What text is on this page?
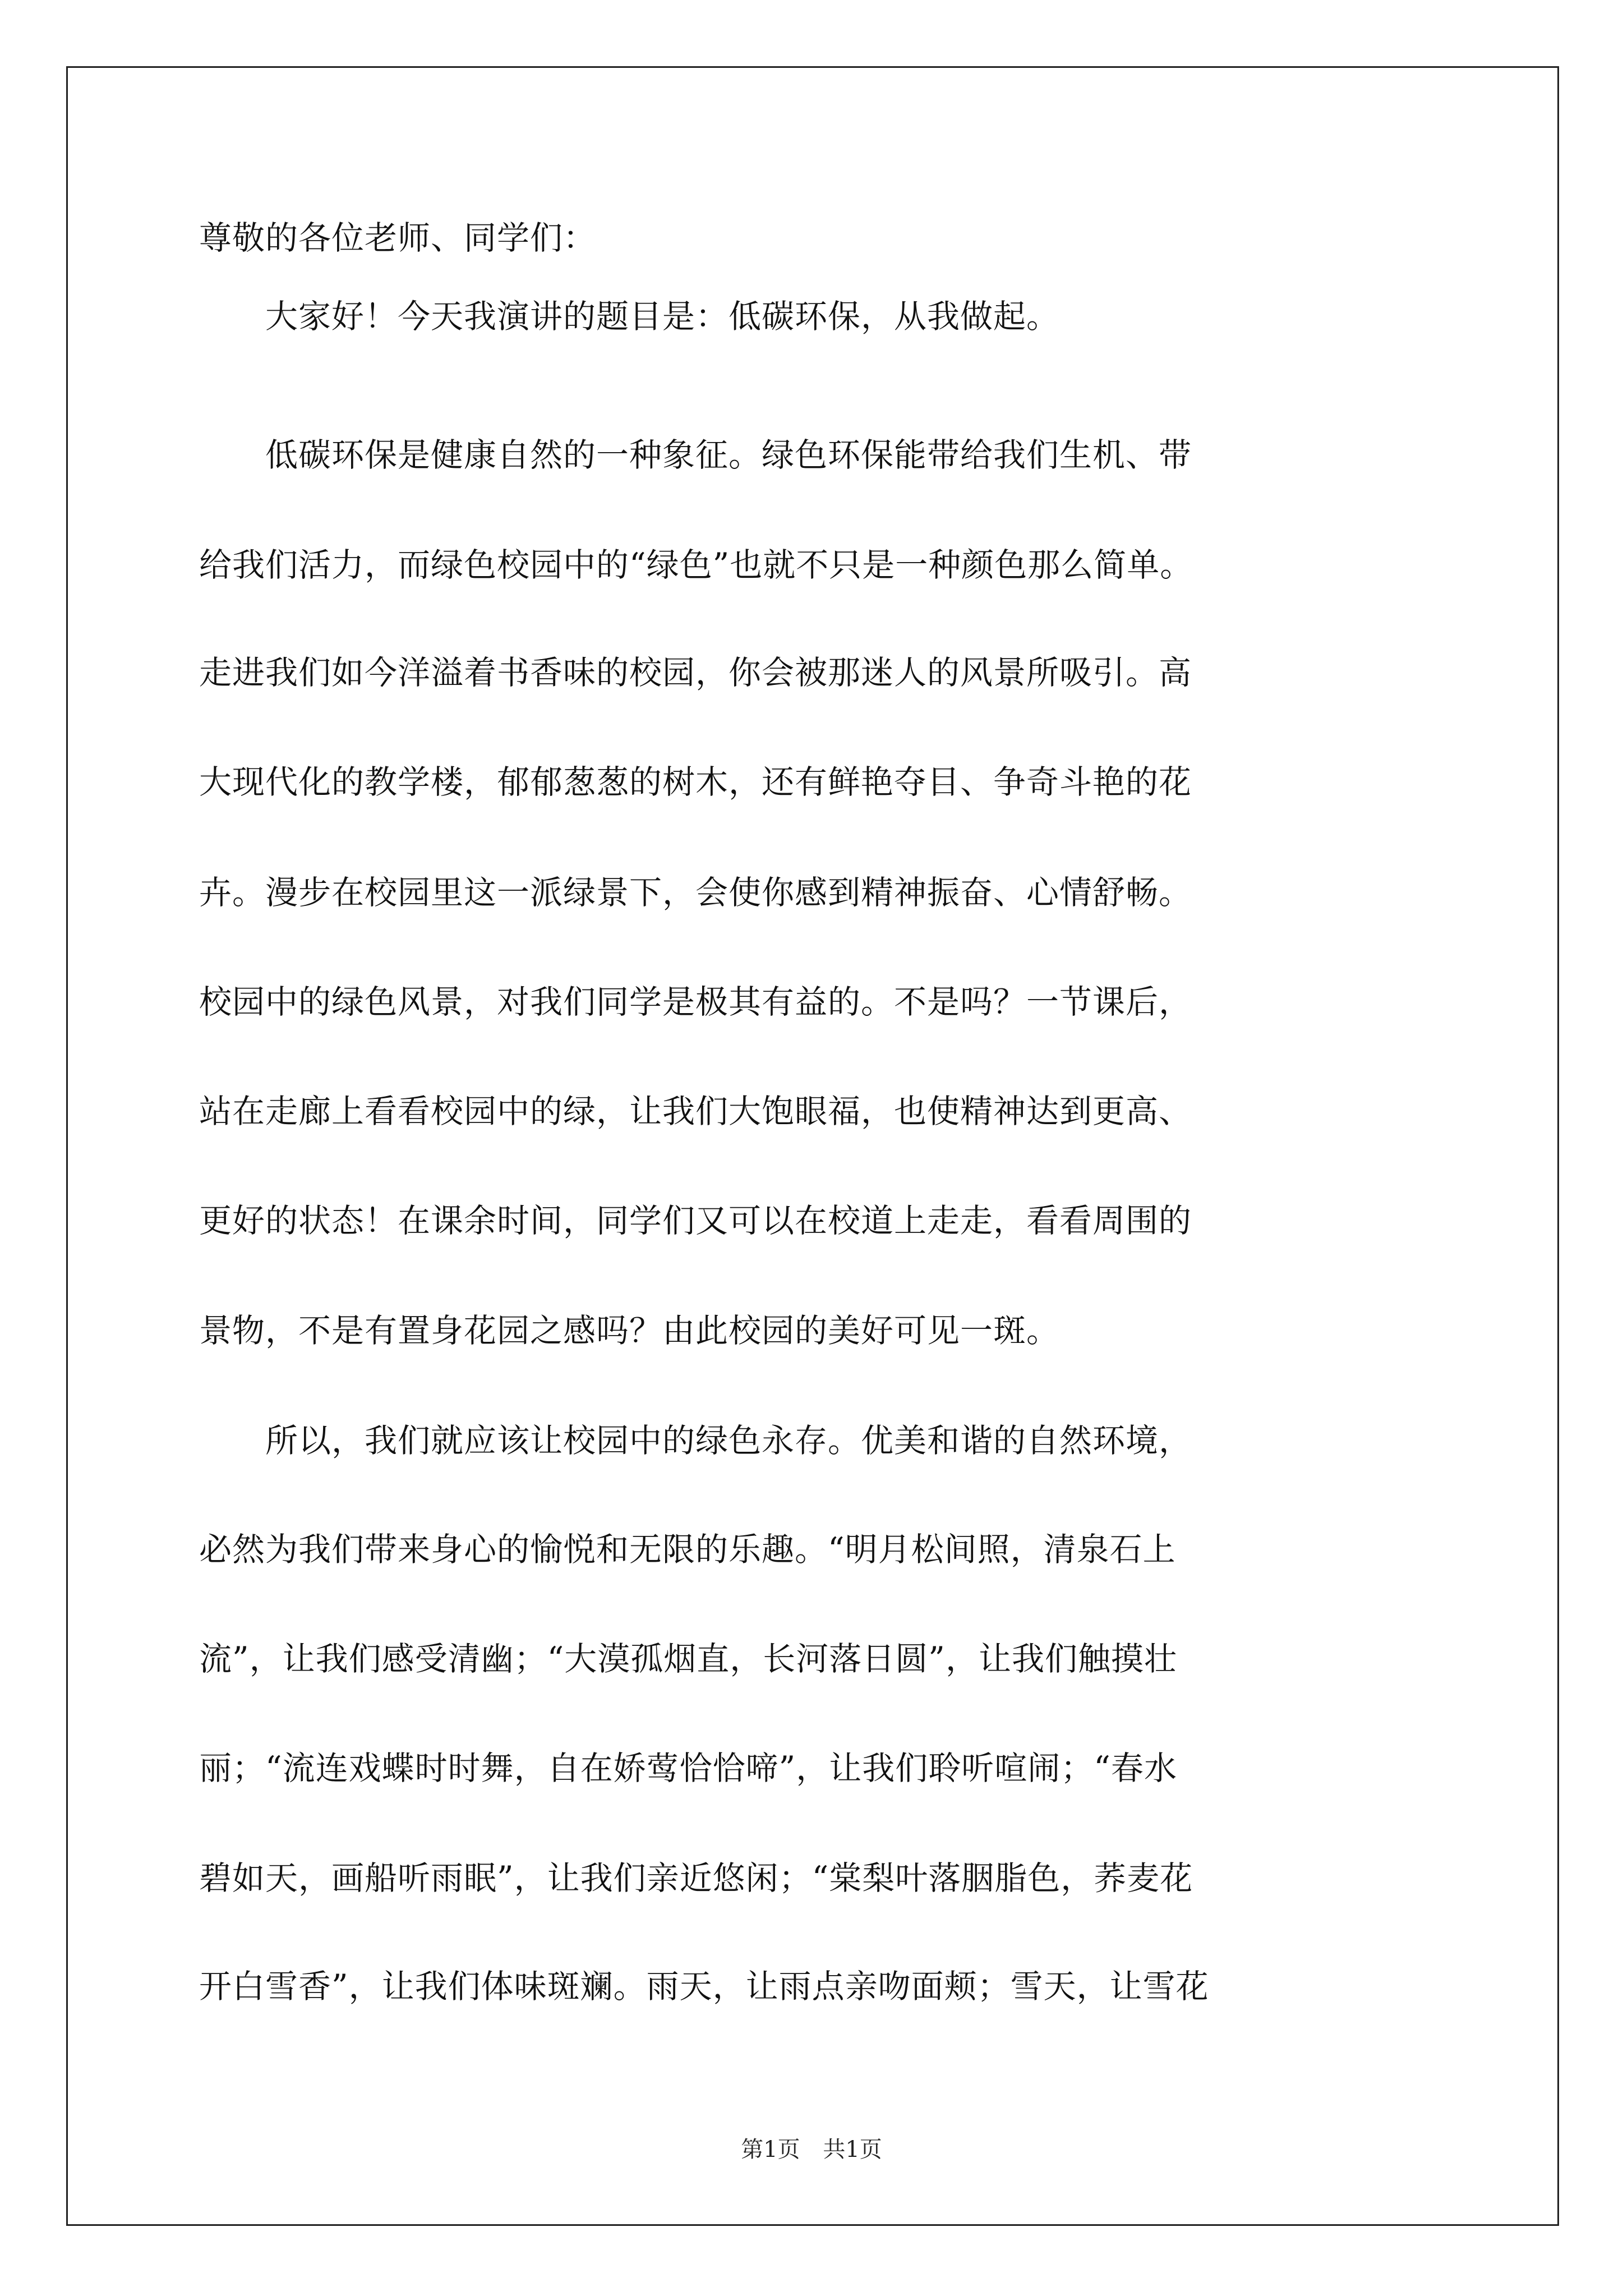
尊敬的各位老师、同学们：

　　大家好！今天我演讲的题目是：低碳环保，从我做起。

　　低碳环保是健康自然的一种象征。绿色环保能带给我们生机、带

给我们活力，而绿色校园中的“绿色”也就不只是一种颜色那么简单。

走进我们如今洋溢着书香味的校园，你会被那迷人的风景所吸引。高

大现代化的教学楼，郁郁葱葱的树木，还有鲜艳夺目、争奇斗艳的花

卉。漫步在校园里这一派绿景下，会使你感到精神振奋、心情舒畅。

校园中的绿色风景，对我们同学是极其有益的。不是吗？一节课后，

站在走廊上看看校园中的绿，让我们大饱眼福，也使精神达到更高、

更好的状态！在课余时间，同学们又可以在校道上走走，看看周围的

景物，不是有置身花园之感吗？由此校园的美好可见一斑。

　　所以，我们就应该让校园中的绿色永存。优美和谐的自然环境，

必然为我们带来身心的愉悦和无限的乐趣。“明月松间照，清泉石上

流”，让我们感受清幽；“大漠孤烟直，长河落日圆”，让我们触摸壮

丽；“流连戏蝶时时舞，自在娇莺恰恰啼”，让我们聆听喧闹；“春水

碧如天，画船听雨眠”，让我们亲近悠闲；“棠梨叶落胭脂色，荞麦花

开白雪香”，让我们体味斑斓。雨天，让雨点亲吻面颊；雪天，让雪花

第1页 共1页
